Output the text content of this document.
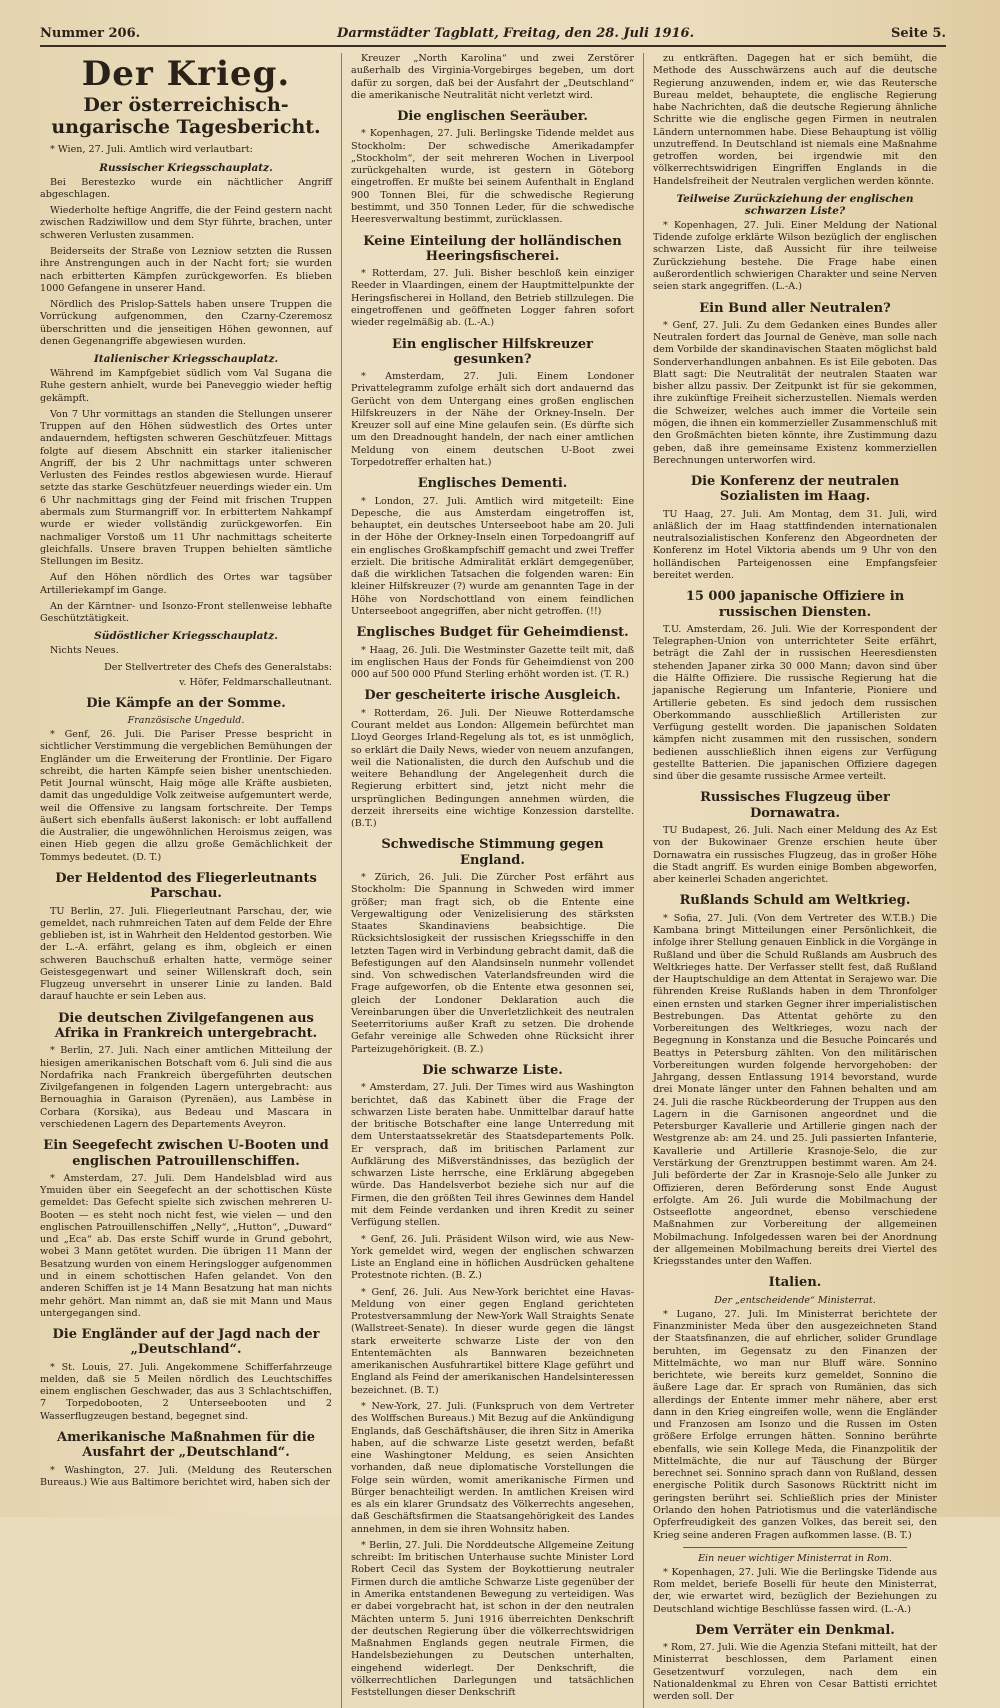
Nummer 206.	Darmstädter Tagblatt, Freitag, den 28. Juli 1916.	Seite 5.
Der Krieg.
Der österreichisch-ungarische Tagesbericht.

* Wien, 27. Juli. Amtlich wird verlautbart:

Russischer Kriegsschauplatz.

Bei Berestezko wurde ein nächtlicher Angriff abgeschlagen.

Wiederholte heftige Angriffe, die der Feind gestern nacht zwischen Radziwillow und dem Styr führte, brachen, unter schweren Verlusten zusammen.

Beiderseits der Straße von Lezniow setzten die Russen ihre Anstrengungen auch in der Nacht fort; sie wurden nach erbitterten Kämpfen zurückgeworfen. Es blieben 1000 Gefangene in unserer Hand.

Nördlich des Prislop-Sattels haben unsere Truppen die Vorrückung aufgenommen, den Czarny-Czeremosz überschritten und die jenseitigen Höhen gewonnen, auf denen Gegenangriffe abgewiesen wurden.

Italienischer Kriegsschauplatz.

Während im Kampfgebiet südlich vom Val Sugana die Ruhe gestern anhielt, wurde bei Paneveggio wieder heftig gekämpft.

Von 7 Uhr vormittags an standen die Stellungen unserer Truppen auf den Höhen südwestlich des Ortes unter andauerndem, heftigsten schweren Geschützfeuer. Mittags folgte auf diesem Abschnitt ein starker italienischer Angriff, der bis 2 Uhr nachmittags unter schweren Verlusten des Feindes restlos abgewiesen wurde. Hierauf setzte das starke Geschützfeuer neuerdings wieder ein. Um 6 Uhr nachmittags ging der Feind mit frischen Truppen abermals zum Sturmangriff vor. In erbittertem Nahkampf wurde er wieder vollständig zurückgeworfen. Ein nachmaliger Vorstoß um 11 Uhr nachmittags scheiterte gleichfalls. Unsere braven Truppen behielten sämtliche Stellungen im Besitz.

Auf den Höhen nördlich des Ortes war tagsüber Artilleriekampf im Gange.

An der Kärntner- und Isonzo-Front stellenweise lebhafte Geschütztätigkeit.

Südöstlicher Kriegsschauplatz.

Nichts Neues.

Der Stellvertreter des Chefs des Generalstabs:
v. Höfer, Feldmarschalleutnant.
Die Kämpfe an der Somme.
Französische Ungeduld.

* Genf, 26. Juli. Die Pariser Presse bespricht in sichtlicher Verstimmung die vergeblichen Bemühungen der Engländer um die Erweiterung der Frontlinie. Der Figaro schreibt, die harten Kämpfe seien bisher unentschieden. Petit Journal wünscht, Haig möge alle Kräfte ausbieten, damit das ungeduldige Volk zeitweise aufgemuntert werde, weil die Offensive zu langsam fortschreite. Der Temps äußert sich ebenfalls äußerst lakonisch: er lobt auffallend die Australier, die ungewöhnlichen Heroismus zeigen, was einen Hieb gegen die allzu große Gemächlichkeit der Tommys bedeutet. (D. T.)

Der Heldentod des Fliegerleutnants Parschau.

TU Berlin, 27. Juli. Fliegerleutnant Parschau, der, wie gemeldet, nach ruhmreichen Taten auf dem Felde der Ehre geblieben ist, ist in Wahrheit den Heldentod gestorben. Wie der L.-A. erfährt, gelang es ihm, obgleich er einen schweren Bauchschuß erhalten hatte, vermöge seiner Geistesgegenwart und seiner Willenskraft doch, sein Flugzeug unversehrt in unserer Linie zu landen. Bald darauf hauchte er sein Leben aus.

Die deutschen Zivilgefangenen aus Afrika in Frankreich untergebracht.

* Berlin, 27. Juli. Nach einer amtlichen Mitteilung der hiesigen amerikanischen Botschaft vom 6. Juli sind die aus Nordafrika nach Frankreich übergeführten deutschen Zivilgefangenen in folgenden Lagern untergebracht: aus Bernouaghia in Garaison (Pyrenäen), aus Lambèse in Corbara (Korsika), aus Bedeau und Mascara in verschiedenen Lagern des Departements Aveyron.

Ein Seegefecht zwischen U-Booten und englischen Patrouillenschiffen.

* Amsterdam, 27. Juli. Dem Handelsblad wird aus Ymuiden über ein Seegefecht an der schottischen Küste gemeldet: Das Gefecht spielte sich zwischen mehreren U-Booten — es steht noch nicht fest, wie vielen — und den englischen Patrouillenschiffen „Nelly“, „Hutton“, „Duward“ und „Eca“ ab. Das erste Schiff wurde in Grund gebohrt, wobei 3 Mann getötet wurden. Die übrigen 11 Mann der Besatzung wurden von einem Heringslogger aufgenommen und in einem schottischen Hafen gelandet. Von den anderen Schiffen ist je 14 Mann Besatzung hat man nichts mehr gehört. Man nimmt an, daß sie mit Mann und Maus untergegangen sind.

Die Engländer auf der Jagd nach der „Deutschland“.

* St. Louis, 27. Juli. Angekommene Schifferfahrzeuge melden, daß sie 5 Meilen nördlich des Leuchtschiffes einem englischen Geschwader, das aus 3 Schlachtschiffen, 7 Torpedobooten, 2 Unterseebooten und 2 Wasserflugzeugen bestand, begegnet sind.

Amerikanische Maßnahmen für die Ausfahrt der „Deutschland“.

* Washington, 27. Juli. (Meldung des Reuterschen Bureaus.) Wie aus Baltimore berichtet wird, haben sich der

Kreuzer „North Karolina“ und zwei Zerstörer außerhalb des Virginia-Vorgebirges begeben, um dort dafür zu sorgen, daß bei der Ausfahrt der „Deutschland“ die amerikanische Neutralität nicht verletzt wird.

Die englischen Seeräuber.

* Kopenhagen, 27. Juli. Berlingske Tidende meldet aus Stockholm: Der schwedische Amerikadampfer „Stockholm“, der seit mehreren Wochen in Liverpool zurückgehalten wurde, ist gestern in Göteborg eingetroffen. Er mußte bei seinem Aufenthalt in England 900 Tonnen Blei, für die schwedische Regierung bestimmt, und 350 Tonnen Leder, für die schwedische Heeresverwaltung bestimmt, zurücklassen.

Keine Einteilung der holländischen Heeringsfischerei.

* Rotterdam, 27. Juli. Bisher beschloß kein einziger Reeder in Vlaardingen, einem der Hauptmittelpunkte der Heringsfischerei in Holland, den Betrieb stillzulegen. Die eingetroffenen und geöffneten Logger fahren sofort wieder regelmäßig ab. (L.-A.)

Ein englischer Hilfskreuzer gesunken?

* Amsterdam, 27. Juli. Einem Londoner Privattelegramm zufolge erhält sich dort andauernd das Gerücht von dem Untergang eines großen englischen Hilfskreuzers in der Nähe der Orkney-Inseln. Der Kreuzer soll auf eine Mine gelaufen sein. (Es dürfte sich um den Dreadnought handeln, der nach einer amtlichen Meldung von einem deutschen U-Boot zwei Torpedotreffer erhalten hat.)

Englisches Dementi.

* London, 27. Juli. Amtlich wird mitgeteilt: Eine Depesche, die aus Amsterdam eingetroffen ist, behauptet, ein deutsches Unterseeboot habe am 20. Juli in der Höhe der Orkney-Inseln einen Torpedoangriff auf ein englisches Großkampfschiff gemacht und zwei Treffer erzielt. Die britische Admiralität erklärt demgegenüber, daß die wirklichen Tatsachen die folgenden waren: Ein kleiner Hilfskreuzer (?) wurde am genannten Tage in der Höhe von Nordschottland von einem feindlichen Unterseeboot angegriffen, aber nicht getroffen. (!!)

Englisches Budget für Geheimdienst.

* Haag, 26. Juli. Die Westminster Gazette teilt mit, daß im englischen Haus der Fonds für Geheimdienst von 200 000 auf 500 000 Pfund Sterling erhöht worden ist. (T. R.)

Der gescheiterte irische Ausgleich.

* Rotterdam, 26. Juli. Der Nieuwe Rotterdamsche Courant meldet aus London: Allgemein befürchtet man Lloyd Georges Irland-Regelung als tot, es ist unmöglich, so erklärt die Daily News, wieder von neuem anzufangen, weil die Nationalisten, die durch den Aufschub und die weitere Behandlung der Angelegenheit durch die Regierung erbittert sind, jetzt nicht mehr die ursprünglichen Bedingungen annehmen würden, die derzeit ihrerseits eine wichtige Konzession darstellte. (B.T.)

Schwedische Stimmung gegen England.

* Zürich, 26. Juli. Die Zürcher Post erfährt aus Stockholm: Die Spannung in Schweden wird immer größer; man fragt sich, ob die Entente eine Vergewaltigung oder Venizelisierung des stärksten Staates Skandinaviens beabsichtige. Die Rücksichtslosigkeit der russischen Kriegsschiffe in den letzten Tagen wird in Verbindung gebracht damit, daß die Befestigungen auf den Alandsinseln nunmehr vollendet sind. Von schwedischen Vaterlandsfreunden wird die Frage aufgeworfen, ob die Entente etwa gesonnen sei, gleich der Londoner Deklaration auch die Vereinbarungen über die Unverletzlichkeit des neutralen Seeterritoriums außer Kraft zu setzen. Die drohende Gefahr vereinige alle Schweden ohne Rücksicht ihrer Parteizugehörigkeit. (B. Z.)

Die schwarze Liste.

* Amsterdam, 27. Juli. Der Times wird aus Washington berichtet, daß das Kabinett über die Frage der schwarzen Liste beraten habe. Unmittelbar darauf hatte der britische Botschafter eine lange Unterredung mit dem Unterstaatssekretär des Staatsdepartements Polk. Er versprach, daß im britischen Parlament zur Aufklärung des Mißverständnisses, das bezüglich der schwarzen Liste herrsche, eine Erklärung abgegeben würde. Das Handelsverbot beziehe sich nur auf die Firmen, die den größten Teil ihres Gewinnes dem Handel mit dem Feinde verdanken und ihren Kredit zu seiner Verfügung stellen.

* Genf, 26. Juli. Präsident Wilson wird, wie aus New-York gemeldet wird, wegen der englischen schwarzen Liste an England eine in höflichen Ausdrücken gehaltene Protestnote richten. (B. Z.)

* Genf, 26. Juli. Aus New-York berichtet eine Havas-Meldung von einer gegen England gerichteten Protestversammlung der New-York Wall Straights Senate (Wallstreet-Senate). In dieser wurde gegen die längst stark erweiterte schwarze Liste der von den Ententemächten als Bannwaren bezeichneten amerikanischen Ausfuhrartikel bittere Klage geführt und England als Feind der amerikanischen Handelsinteressen bezeichnet. (B. T.)

* New-York, 27. Juli. (Funkspruch von dem Vertreter des Wolffschen Bureaus.) Mit Bezug auf die Ankündigung Englands, daß Geschäftshäuser, die ihren Sitz in Amerika haben, auf die schwarze Liste gesetzt werden, befaßt eine Washingtoner Meldung, es seien Ansichten vorhanden, daß neue diplomatische Vorstellungen die Folge sein würden, womit amerikanische Firmen und Bürger benachteiligt werden. In amtlichen Kreisen wird es als ein klarer Grundsatz des Völkerrechts angesehen, daß Geschäftsfirmen die Staatsangehörigkeit des Landes annehmen, in dem sie ihren Wohnsitz haben.

* Berlin, 27. Juli. Die Norddeutsche Allgemeine Zeitung schreibt: Im britischen Unterhause suchte Minister Lord Robert Cecil das System der Boykottierung neutraler Firmen durch die amtliche Schwarze Liste gegenüber der in Amerika entstandenen Bewegung zu verteidigen. Was er dabei vorgebracht hat, ist schon in der den neutralen Mächten unterm 5. Juni 1916 überreichten Denkschrift der deutschen Regierung über die völkerrechtswidrigen Maßnahmen Englands gegen neutrale Firmen, die Handelsbeziehungen zu Deutschen unterhalten, eingehend widerlegt. Der Denkschrift, die völkerrechtlichen Darlegungen und tatsächlichen Feststellungen dieser Denkschrift

zu entkräften. Dagegen hat er sich bemüht, die Methode des Ausschwärzens auch auf die deutsche Regierung anzuwenden, indem er, wie das Reutersche Bureau meldet, behauptete, die englische Regierung habe Nachrichten, daß die deutsche Regierung ähnliche Schritte wie die englische gegen Firmen in neutralen Ländern unternommen habe. Diese Behauptung ist völlig unzutreffend. In Deutschland ist niemals eine Maßnahme getroffen worden, bei irgendwie mit den völkerrechtswidrigen Eingriffen Englands in die Handelsfreiheit der Neutralen verglichen werden könnte.

Teilweise Zurückziehung der englischen schwarzen Liste?

* Kopenhagen, 27. Juli. Einer Meldung der National Tidende zufolge erklärte Wilson bezüglich der englischen schwarzen Liste, daß Aussicht für ihre teilweise Zurückziehung bestehe. Die Frage habe einen außerordentlich schwierigen Charakter und seine Nerven seien stark angegriffen. (L.-A.)

Ein Bund aller Neutralen?

* Genf, 27. Juli. Zu dem Gedanken eines Bundes aller Neutralen fordert das Journal de Genève, man solle nach dem Vorbilde der skandinavischen Staaten möglichst bald Sonderverhandlungen anbahnen. Es ist Eile geboten. Das Blatt sagt: Die Neutralität der neutralen Staaten war bisher allzu passiv. Der Zeitpunkt ist für sie gekommen, ihre zukünftige Freiheit sicherzustellen. Niemals werden die Schweizer, welches auch immer die Vorteile sein mögen, die ihnen ein kommerzieller Zusammenschluß mit den Großmächten bieten könnte, ihre Zustimmung dazu geben, daß ihre gemeinsame Existenz kommerziellen Berechnungen unterworfen wird.

Die Konferenz der neutralen Sozialisten im Haag.

TU Haag, 27. Juli. Am Montag, dem 31. Juli, wird anläßlich der im Haag stattfindenden internationalen neutralsozialistischen Konferenz den Abgeordneten der Konferenz im Hotel Viktoria abends um 9 Uhr von den holländischen Parteigenossen eine Empfangsfeier bereitet werden.

15 000 japanische Offiziere in russischen Diensten.

T.U. Amsterdam, 26. Juli. Wie der Korrespondent der Telegraphen-Union von unterrichteter Seite erfährt, beträgt die Zahl der in russischen Heeresdiensten stehenden Japaner zirka 30 000 Mann; davon sind über die Hälfte Offiziere. Die russische Regierung hat die japanische Regierung um Infanterie, Pioniere und Artillerie gebeten. Es sind jedoch dem russischen Oberkommando ausschließlich Artilleristen zur Verfügung gestellt worden. Die japanischen Soldaten kämpfen nicht zusammen mit den russischen, sondern bedienen ausschließlich ihnen eigens zur Verfügung gestellte Batterien. Die japanischen Offiziere dagegen sind über die gesamte russische Armee verteilt.

Russisches Flugzeug über Dornawatra.

TU Budapest, 26. Juli. Nach einer Meldung des Az Est von der Bukowinaer Grenze erschien heute über Dornawatra ein russisches Flugzeug, das in großer Höhe die Stadt angriff. Es wurden einige Bomben abgeworfen, aber keinerlei Schaden angerichtet.

Rußlands Schuld am Weltkrieg.

* Sofia, 27. Juli. (Von dem Vertreter des W.T.B.) Die Kambana bringt Mitteilungen einer Persönlichkeit, die infolge ihrer Stellung genauen Einblick in die Vorgänge in Rußland und über die Schuld Rußlands am Ausbruch des Weltkrieges hatte. Der Verfasser stellt fest, daß Rußland der Hauptschuldige an dem Attentat in Serajewo war. Die führenden Kreise Rußlands haben in dem Thronfolger einen ernsten und starken Gegner ihrer imperialistischen Bestrebungen. Das Attentat gehörte zu den Vorbereitungen des Weltkrieges, wozu nach der Begegnung in Konstanza und die Besuche Poincarés und Beattys in Petersburg zählten. Von den militärischen Vorbereitungen wurden folgende hervorgehoben: der Jahrgang, dessen Entlassung 1914 bevorstand, wurde drei Monate länger unter den Fahnen behalten und am 24. Juli die rasche Rückbeorderung der Truppen aus den Lagern in die Garnisonen angeordnet und die Petersburger Kavallerie und Artillerie gingen nach der Westgrenze ab: am 24. und 25. Juli passierten Infanterie, Kavallerie und Artillerie Krasnoje-Selo, die zur Verstärkung der Grenztruppen bestimmt waren. Am 24. Juli beförderte der Zar in Krasnoje-Selo alle Junker zu Offizieren, deren Beförderung sonst Ende August erfolgte. Am 26. Juli wurde die Mobilmachung der Ostseeflotte angeordnet, ebenso verschiedene Maßnahmen zur Vorbereitung der allgemeinen Mobilmachung. Infolgedessen waren bei der Anordnung der allgemeinen Mobilmachung bereits drei Viertel des Kriegsstandes unter den Waffen.

Italien.
Der „entscheidende“ Ministerrat.

* Lugano, 27. Juli. Im Ministerrat berichtete der Finanzminister Meda über den ausgezeichneten Stand der Staatsfinanzen, die auf ehrlicher, solider Grundlage beruhten, im Gegensatz zu den Finanzen der Mittelmächte, wo man nur Bluff wäre. Sonnino berichtete, wie bereits kurz gemeldet, Sonnino die äußere Lage dar. Er sprach von Rumänien, das sich allerdings der Entente immer mehr nähere, aber erst dann in den Krieg eingreifen wolle, wenn die Engländer und Franzosen am Isonzo und die Russen im Osten größere Erfolge errungen hätten. Sonnino berührte ebenfalls, wie sein Kollege Meda, die Finanzpolitik der Mittelmächte, die nur auf Täuschung der Bürger berechnet sei. Sonnino sprach dann von Rußland, dessen energische Politik durch Sasonows Rücktritt nicht im geringsten berührt sei. Schließlich pries der Minister Orlando den hohen Patriotismus und die vaterländische Opferfreudigkeit des ganzen Volkes, das bereit sei, den Krieg seine anderen Fragen aufkommen lasse. (B. T.)

Ein neuer wichtiger Ministerrat in Rom.

* Kopenhagen, 27. Juli. Wie die Berlingske Tidende aus Rom meldet, beriefe Boselli für heute den Ministerrat, der, wie erwartet wird, bezüglich der Beziehungen zu Deutschland wichtige Beschlüsse fassen wird. (L.-A.)

Dem Verräter ein Denkmal.

* Rom, 27. Juli. Wie die Agenzia Stefani mitteilt, hat der Ministerrat beschlossen, dem Parlament einen Gesetzentwurf vorzulegen, nach dem ein Nationaldenkmal zu Ehren von Cesar Battisti errichtet werden soll. Der
